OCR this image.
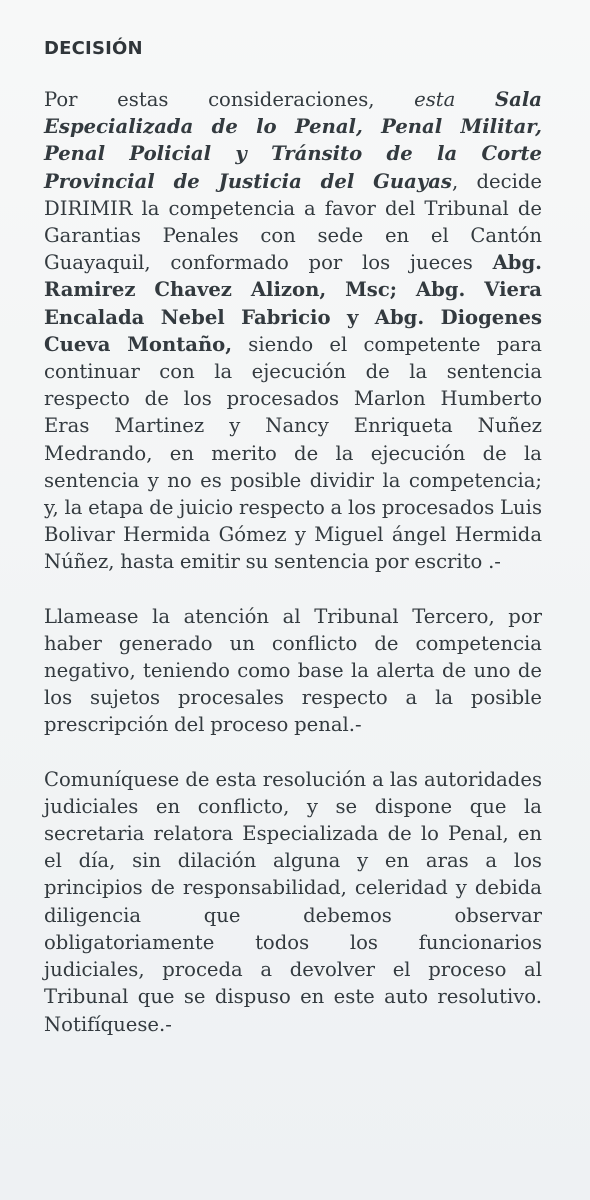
DECISIÓN

Por estas consideraciones, esta Sala Especializada de lo Penal, Penal Militar, Penal Policial y Tránsito de la Corte Provincial de Justicia del Guayas, decide DIRIMIR la competencia a favor del Tribunal de Garantias Penales con sede en el Cantón Guayaquil, conformado por los jueces Abg. Ramirez Chavez Alizon, Msc; Abg. Viera Encalada Nebel Fabricio y Abg. Diogenes Cueva Montaño, siendo el competente para continuar con la ejecución de la sentencia respecto de los procesados Marlon Humberto Eras Martinez y Nancy Enriqueta Nuñez Medrando, en merito de la ejecución de la sentencia y no es posible dividir la competencia; y, la etapa de juicio respecto a los procesados Luis Bolivar Hermida Gómez y Miguel ángel Hermida Núñez, hasta emitir su sentencia por escrito .-

Llamease la atención al Tribunal Tercero, por haber generado un conflicto de competencia negativo, teniendo como base la alerta de uno de los sujetos procesales respecto a la posible prescripción del proceso penal.-

Comuníquese de esta resolución a las autoridades judiciales en conflicto, y se dispone que la secretaria relatora Especializada de lo Penal, en el día, sin dilación alguna y en aras a los principios de responsabilidad, celeridad y debida diligencia que debemos observar obligatoriamente todos los funcionarios judiciales, proceda a devolver el proceso al Tribunal que se dispuso en este auto resolutivo. Notifíquese.-
